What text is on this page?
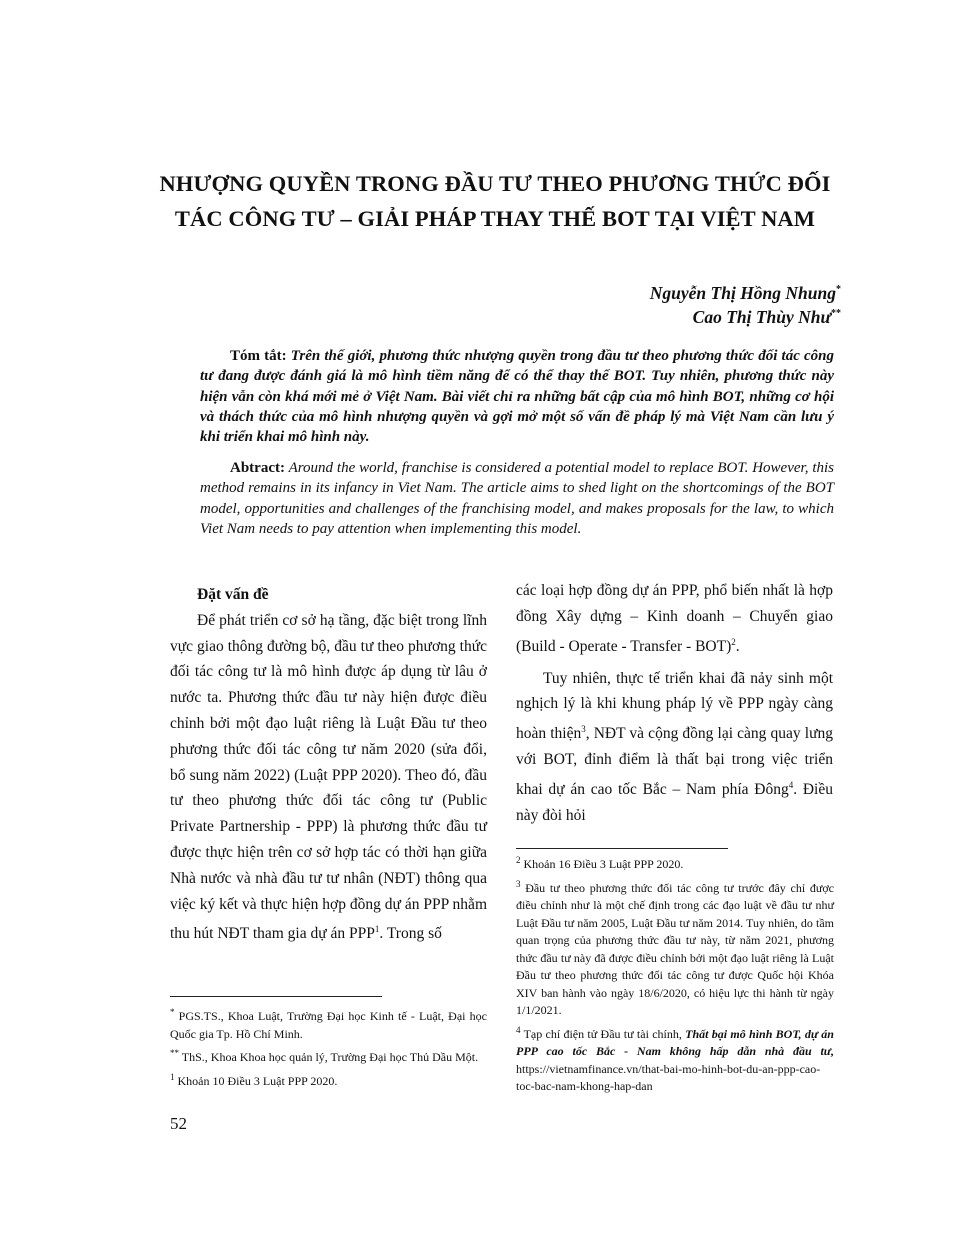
NHƯỢNG QUYỀN TRONG ĐẦU TƯ THEO PHƯƠNG THỨC ĐỐI TÁC CÔNG TƯ – GIẢI PHÁP THAY THẾ BOT TẠI VIỆT NAM
Nguyễn Thị Hồng Nhung*
Cao Thị Thùy Như**

Tóm tắt: Trên thế giới, phương thức nhượng quyền trong đầu tư theo phương thức đối tác công tư đang được đánh giá là mô hình tiềm năng để có thể thay thế BOT. Tuy nhiên, phương thức này hiện vẫn còn khá mới mẻ ở Việt Nam. Bài viết chỉ ra những bất cập của mô hình BOT, những cơ hội và thách thức của mô hình nhượng quyền và gợi mở một số vấn đề pháp lý mà Việt Nam cần lưu ý khi triển khai mô hình này.

Abtract: Around the world, franchise is considered a potential model to replace BOT. However, this method remains in its infancy in Viet Nam. The article aims to shed light on the shortcomings of the BOT model, opportunities and challenges of the franchising model, and makes proposals for the law, to which Viet Nam needs to pay attention when implementing this model.

Đặt vấn đề

Để phát triển cơ sở hạ tầng, đặc biệt trong lĩnh vực giao thông đường bộ, đầu tư theo phương thức đối tác công tư là mô hình được áp dụng từ lâu ở nước ta. Phương thức đầu tư này hiện được điều chỉnh bởi một đạo luật riêng là Luật Đầu tư theo phương thức đối tác công tư năm 2020 (sửa đổi, bổ sung năm 2022) (Luật PPP 2020). Theo đó, đầu tư theo phương thức đối tác công tư (Public Private Partnership - PPP) là phương thức đầu tư được thực hiện trên cơ sở hợp tác có thời hạn giữa Nhà nước và nhà đầu tư tư nhân (NĐT) thông qua việc ký kết và thực hiện hợp đồng dự án PPP nhằm thu hút NĐT tham gia dự án PPP$^1$. Trong số

các loại hợp đồng dự án PPP, phổ biến nhất là hợp đồng Xây dựng – Kinh doanh – Chuyển giao (Build - Operate - Transfer - BOT)$^2$.

Tuy nhiên, thực tế triển khai đã nảy sinh một nghịch lý là khi khung pháp lý về PPP ngày càng hoàn thiện$^3$, NĐT và cộng đồng lại càng quay lưng với BOT, đỉnh điểm là thất bại trong việc triển khai dự án cao tốc Bắc – Nam phía Đông$^4$. Điều này đòi hỏi

* PGS.TS., Khoa Luật, Trường Đại học Kinh tế - Luật, Đại học Quốc gia Tp. Hồ Chí Minh.

** ThS., Khoa Khoa học quản lý, Trường Đại học Thủ Dầu Một.

$^1$ Khoản 10 Điều 3 Luật PPP 2020.

$^2$ Khoản 16 Điều 3 Luật PPP 2020.

$^3$ Đầu tư theo phương thức đối tác công tư trước đây chỉ được điều chỉnh như là một chế định trong các đạo luật về đầu tư như Luật Đầu tư năm 2005, Luật Đầu tư năm 2014. Tuy nhiên, do tầm quan trọng của phương thức đầu tư này, từ năm 2021, phương thức đầu tư này đã được điều chỉnh bởi một đạo luật riêng là Luật Đầu tư theo phương thức đối tác công tư được Quốc hội Khóa XIV ban hành vào ngày 18/6/2020, có hiệu lực thi hành từ ngày 1/1/2021.

$^4$ Tạp chí điện tử Đầu tư tài chính, Thất bại mô hình BOT, dự án PPP cao tốc Bắc - Nam không hấp dẫn nhà đầu tư, https://vietnamfinance.vn/that-bai-mo-hinh-bot-du-an-ppp-cao-toc-bac-nam-khong-hap-dan

52
